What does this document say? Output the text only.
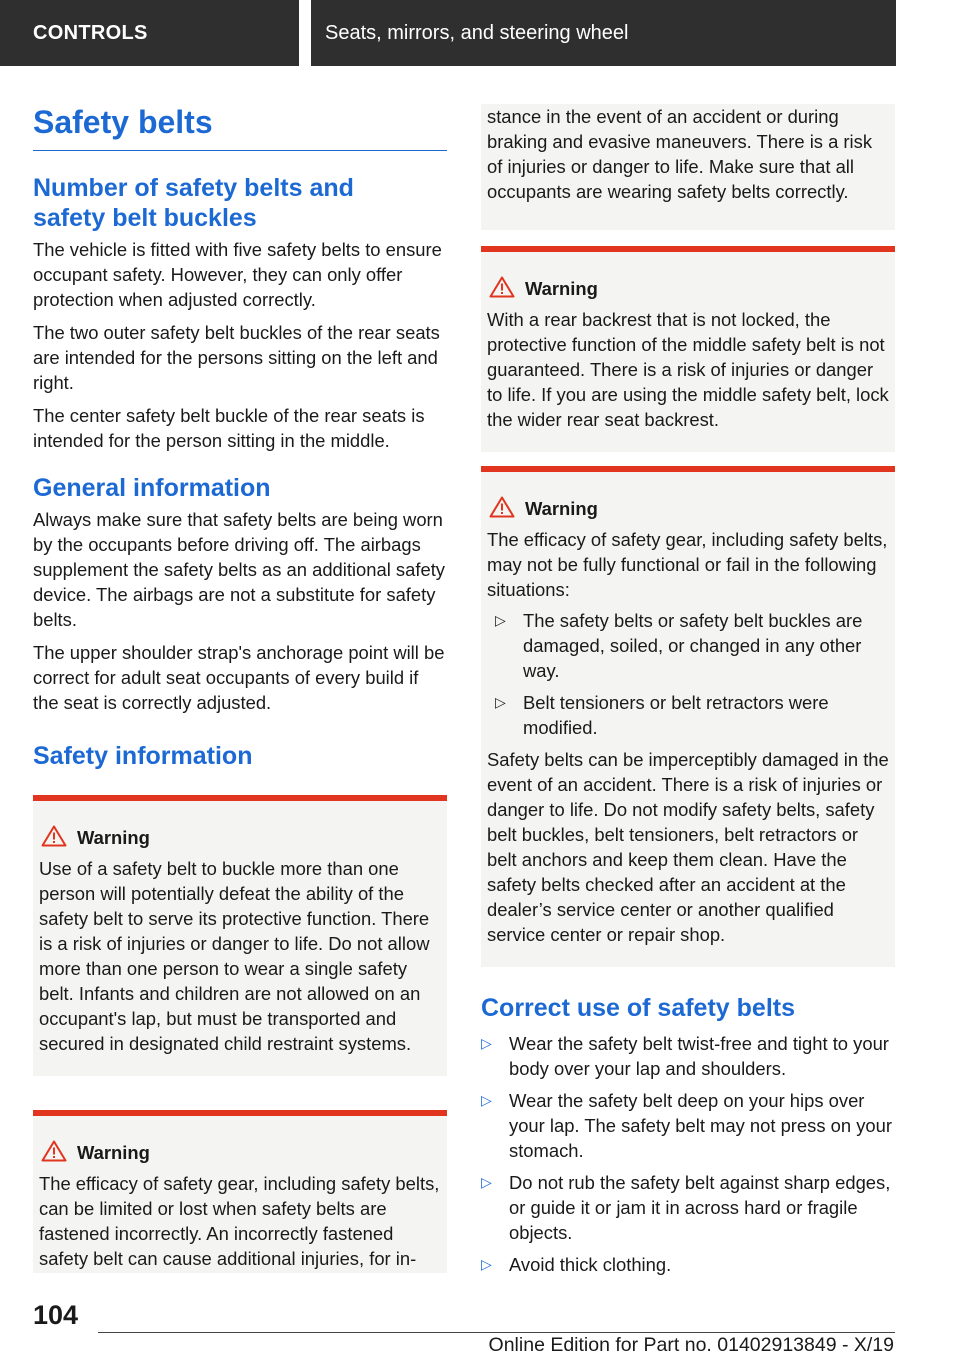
CONTROLS	Seats, mirrors, and steering wheel
Safety belts
Number of safety belts and safety belt buckles

The vehicle is fitted with five safety belts to ensure occupant safety. However, they can only offer protection when adjusted correctly.

The two outer safety belt buckles of the rear seats are intended for the persons sitting on the left and right.

The center safety belt buckle of the rear seats is intended for the person sitting in the middle.

General information

Always make sure that safety belts are being worn by the occupants before driving off. The airbags supplement the safety belts as an additional safety device. The airbags are not a substitute for safety belts.

The upper shoulder strap's anchorage point will be correct for adult seat occupants of every build if the seat is correctly adjusted.

Safety information
Warning

Use of a safety belt to buckle more than one person will potentially defeat the ability of the safety belt to serve its protective function. There is a risk of injuries or danger to life. Do not allow more than one person to wear a single safety belt. Infants and children are not allowed on an occupant's lap, but must be transported and secured in designated child restraint systems.

Warning

The efficacy of safety gear, including safety belts, can be limited or lost when safety belts are fastened incorrectly. An incorrectly fastened safety belt can cause additional injuries, for in-

stance in the event of an accident or during braking and evasive maneuvers. There is a risk of injuries or danger to life. Make sure that all occupants are wearing safety belts correctly.

Warning

With a rear backrest that is not locked, the protective function of the middle safety belt is not guaranteed. There is a risk of injuries or danger to life. If you are using the middle safety belt, lock the wider rear seat backrest.

Warning

The efficacy of safety gear, including safety belts, may not be fully functional or fail in the following situations:

▷ The safety belts or safety belt buckles are damaged, soiled, or changed in any other way.
▷ Belt tensioners or belt retractors were modified.

Safety belts can be imperceptibly damaged in the event of an accident. There is a risk of injuries or danger to life. Do not modify safety belts, safety belt buckles, belt tensioners, belt retractors or belt anchors and keep them clean. Have the safety belts checked after an accident at the dealer’s service center or another qualified service center or repair shop.

Correct use of safety belts
▷ Wear the safety belt twist-free and tight to your body over your lap and shoulders.
▷ Wear the safety belt deep on your hips over your lap. The safety belt may not press on your stomach.
▷ Do not rub the safety belt against sharp edges, or guide it or jam it in across hard or fragile objects.
▷ Avoid thick clothing.
104
Online Edition for Part no. 01402913849 - X/19
